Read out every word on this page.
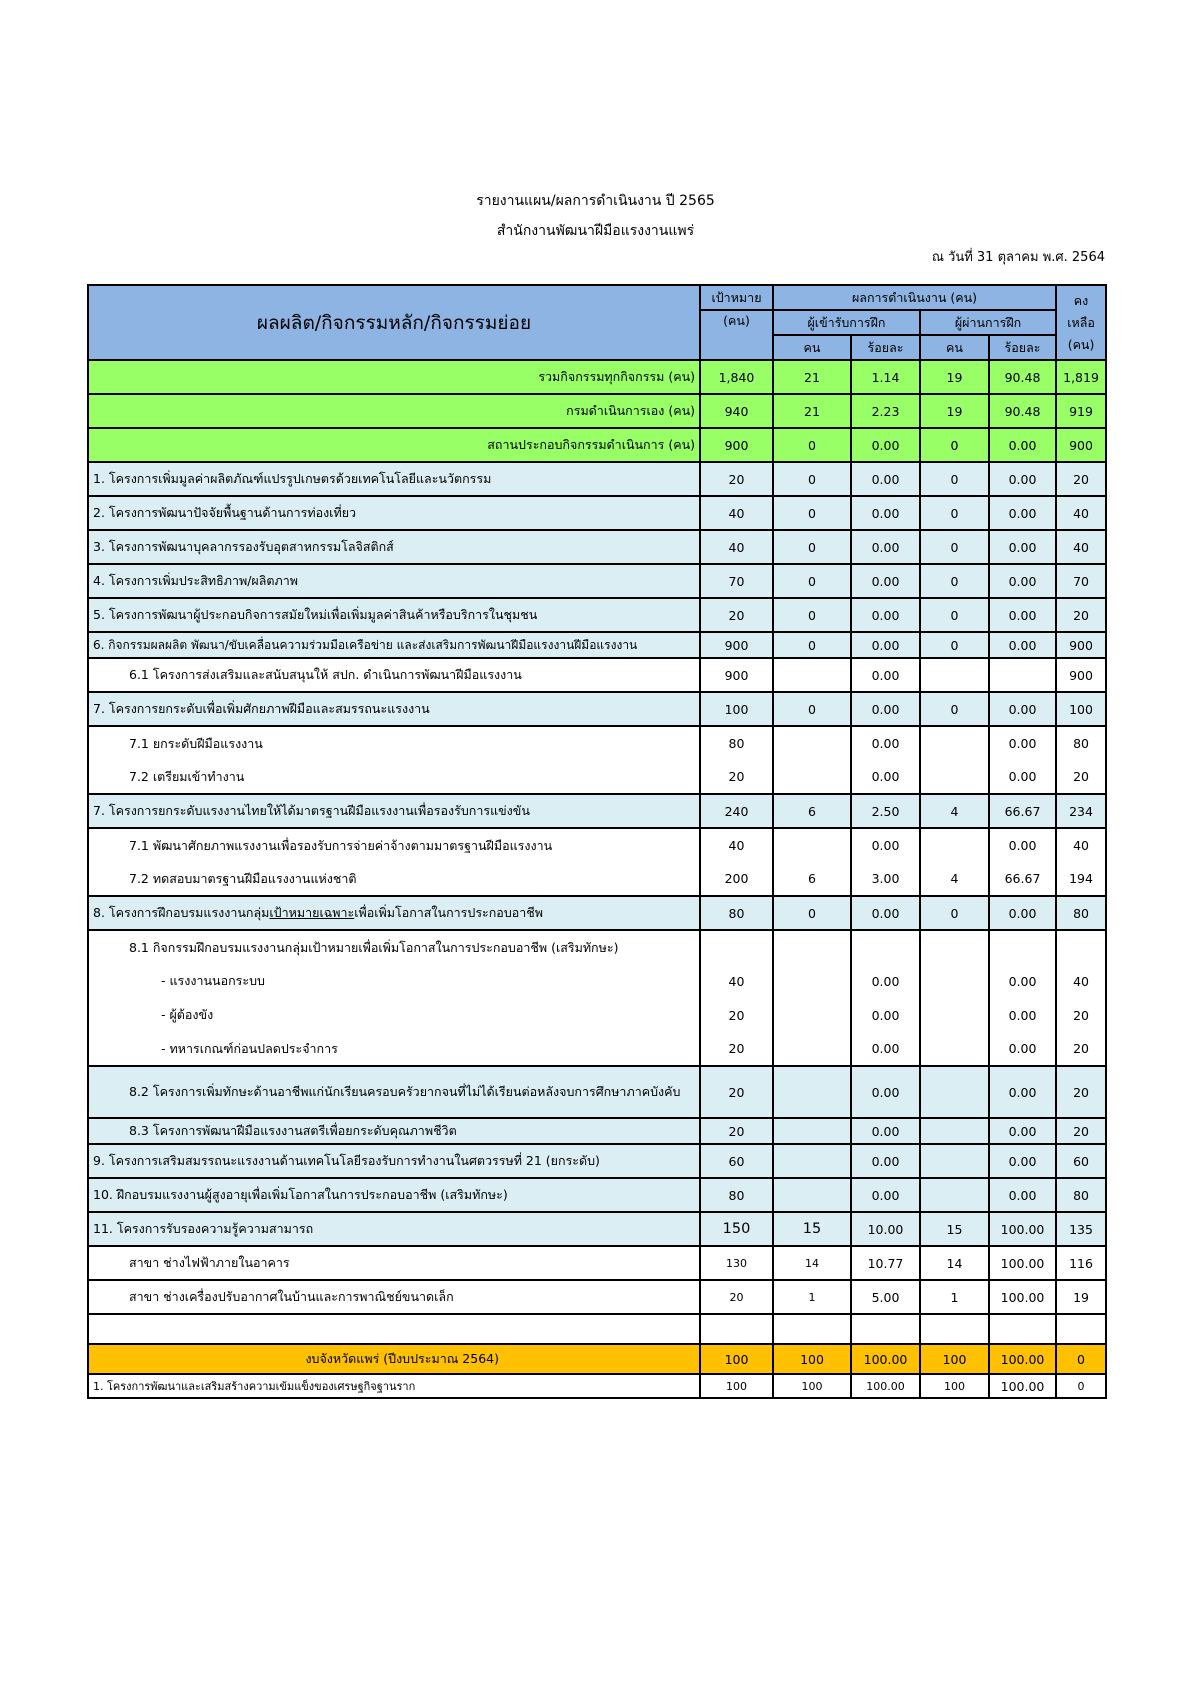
รายงานแผน/ผลการดำเนินงาน ปี 2565
สำนักงานพัฒนาฝีมือแรงงานแพร่
ณ วันที่ 31 ตุลาคม พ.ศ. 2564
ผลผลิต/กิจกรรมหลัก/กิจกรรมย่อย	เป้าหมาย	ผลการดำเนินงาน (คน)				คงเหลือ
(คน)
	(คน)	ผู้เข้ารับการฝึก		ผู้ผ่านการฝึก		
		คน	ร้อยละ	คน	ร้อยละ	
รวมกิจกรรมทุกกิจกรรม (คน)	1,840	21	1.14	19	90.48	1,819
กรมดำเนินการเอง (คน)	940	21	2.23	19	90.48	919
สถานประกอบกิจกรรมดำเนินการ (คน)	900	0	0.00	0	0.00	900
1. โครงการเพิ่มมูลค่าผลิตภัณฑ์แปรรูปเกษตรด้วยเทคโนโลยีและนวัตกรรม	20	0	0.00	0	0.00	20
2. โครงการพัฒนาปัจจัยพื้นฐานด้านการท่องเที่ยว	40	0	0.00	0	0.00	40
3. โครงการพัฒนาบุคลากรรองรับอุตสาหกรรมโลจิสติกส์	40	0	0.00	0	0.00	40
4. โครงการเพิ่มประสิทธิภาพ/ผลิตภาพ	70	0	0.00	0	0.00	70
5. โครงการพัฒนาผู้ประกอบกิจการสมัยใหม่เพื่อเพิ่มมูลค่าสินค้าหรือบริการในชุมชน	20	0	0.00	0	0.00	20
6. กิจกรรมผลผลิต พัฒนา/ขับเคลื่อนความร่วมมือเครือข่าย และส่งเสริมการพัฒนาฝีมือแรงงานฝีมือแรงงาน	900	0	0.00	0	0.00	900
6.1 โครงการส่งเสริมและสนับสนุนให้ สปก. ดำเนินการพัฒนาฝีมือแรงงาน	900		0.00			900
7. โครงการยกระดับเพื่อเพิ่มศักยภาพฝีมือและสมรรถนะแรงงาน	100	0	0.00	0	0.00	100
7.1 ยกระดับฝีมือแรงงาน	80		0.00		0.00	80
7.2 เตรียมเข้าทำงาน	20		0.00		0.00	20
7. โครงการยกระดับแรงงานไทยให้ได้มาตรฐานฝีมือแรงงานเพื่อรองรับการแข่งขัน	240	6	2.50	4	66.67	234
7.1 พัฒนาศักยภาพแรงงานเพื่อรองรับการจ่ายค่าจ้างตามมาตรฐานฝีมือแรงงาน	40		0.00		0.00	40
7.2 ทดสอบมาตรฐานฝีมือแรงงานแห่งชาติ	200	6	3.00	4	66.67	194
8. โครงการฝึกอบรมแรงงานกลุ่มเป้าหมายเฉพาะเพื่อเพิ่มโอกาสในการประกอบอาชีพ	80	0	0.00	0	0.00	80
8.1 กิจกรรมฝึกอบรมแรงงานกลุ่มเป้าหมายเพื่อเพิ่มโอกาสในการประกอบอาชีพ (เสริมทักษะ)						
- แรงงานนอกระบบ	40		0.00		0.00	40
- ผู้ต้องขัง	20		0.00		0.00	20
- ทหารเกณฑ์ก่อนปลดประจำการ	20		0.00		0.00	20
8.2 โครงการเพิ่มทักษะด้านอาชีพแก่นักเรียนครอบครัวยากจนที่ไม่ได้เรียนต่อหลังจบการศึกษาภาคบังคับ	20		0.00		0.00	20
8.3 โครงการพัฒนาฝีมือแรงงานสตรีเพื่อยกระดับคุณภาพชีวิต	20		0.00		0.00	20
9. โครงการเสริมสมรรถนะแรงงานด้านเทคโนโลยีรองรับการทำงานในศตวรรษที่ 21 (ยกระดับ)	60		0.00		0.00	60
10. ฝึกอบรมแรงงานผู้สูงอายุเพื่อเพิ่มโอกาสในการประกอบอาชีพ (เสริมทักษะ)	80		0.00		0.00	80
11. โครงการรับรองความรู้ความสามารถ	150	15	10.00	15	100.00	135
สาขา ช่างไฟฟ้าภายในอาคาร	130	14	10.77	14	100.00	116
สาขา ช่างเครื่องปรับอากาศในบ้านและการพาณิชย์ขนาดเล็ก	20	1	5.00	1	100.00	19

งบจังหวัดแพร่ (ปีงบประมาณ 2564)	100	100	100.00	100	100.00	0
1. โครงการพัฒนาและเสริมสร้างความเข้มแข็งของเศรษฐกิจฐานราก	100	100	100.00	100	100.00	0
